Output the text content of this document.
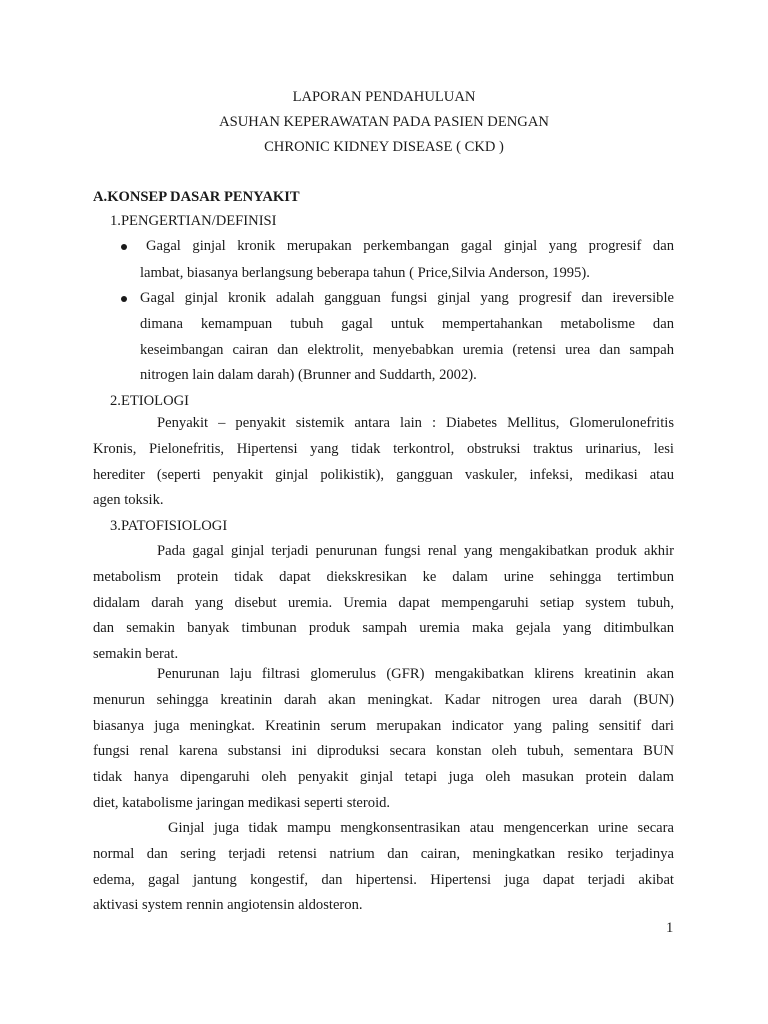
LAPORAN PENDAHULUAN
ASUHAN KEPERAWATAN PADA PASIEN DENGAN
CHRONIC KIDNEY DISEASE ( CKD )
A.KONSEP DASAR PENYAKIT
1.PENGERTIAN/DEFINISI
Gagal ginjal kronik merupakan perkembangan gagal ginjal yang progresif dan
lambat, biasanya berlangsung beberapa tahun ( Price,Silvia Anderson, 1995).
Gagal ginjal kronik adalah gangguan fungsi ginjal yang progresif dan ireversible
dimana kemampuan tubuh gagal untuk mempertahankan metabolisme dan
keseimbangan cairan dan elektrolit, menyebabkan uremia (retensi urea dan sampah
nitrogen lain dalam darah) (Brunner and Suddarth, 2002).
2.ETIOLOGI
Penyakit – penyakit sistemik antara lain : Diabetes Mellitus, Glomerulonefritis
Kronis, Pielonefritis, Hipertensi yang tidak terkontrol, obstruksi traktus urinarius, lesi
herediter (seperti penyakit ginjal polikistik), gangguan vaskuler, infeksi, medikasi atau
agen toksik.
3.PATOFISIOLOGI
Pada gagal ginjal terjadi penurunan fungsi renal yang mengakibatkan produk akhir
metabolism protein tidak dapat diekskresikan ke dalam urine sehingga tertimbun
didalam darah yang disebut uremia. Uremia dapat mempengaruhi setiap system tubuh,
dan semakin banyak timbunan produk sampah uremia maka gejala yang ditimbulkan
semakin berat.
Penurunan laju filtrasi glomerulus (GFR) mengakibatkan klirens kreatinin akan
menurun sehingga kreatinin darah akan meningkat. Kadar nitrogen urea darah (BUN)
biasanya juga meningkat. Kreatinin serum merupakan indicator yang paling sensitif dari
fungsi renal karena substansi ini diproduksi secara konstan oleh tubuh, sementara BUN
tidak hanya dipengaruhi oleh penyakit ginjal tetapi juga oleh masukan protein dalam
diet, katabolisme jaringan medikasi seperti steroid.
Ginjal juga tidak mampu mengkonsentrasikan atau mengencerkan urine secara
normal dan sering terjadi retensi natrium dan cairan, meningkatkan resiko terjadinya
edema, gagal jantung kongestif, dan hipertensi. Hipertensi juga dapat terjadi akibat
aktivasi system rennin angiotensin aldosteron.
1
